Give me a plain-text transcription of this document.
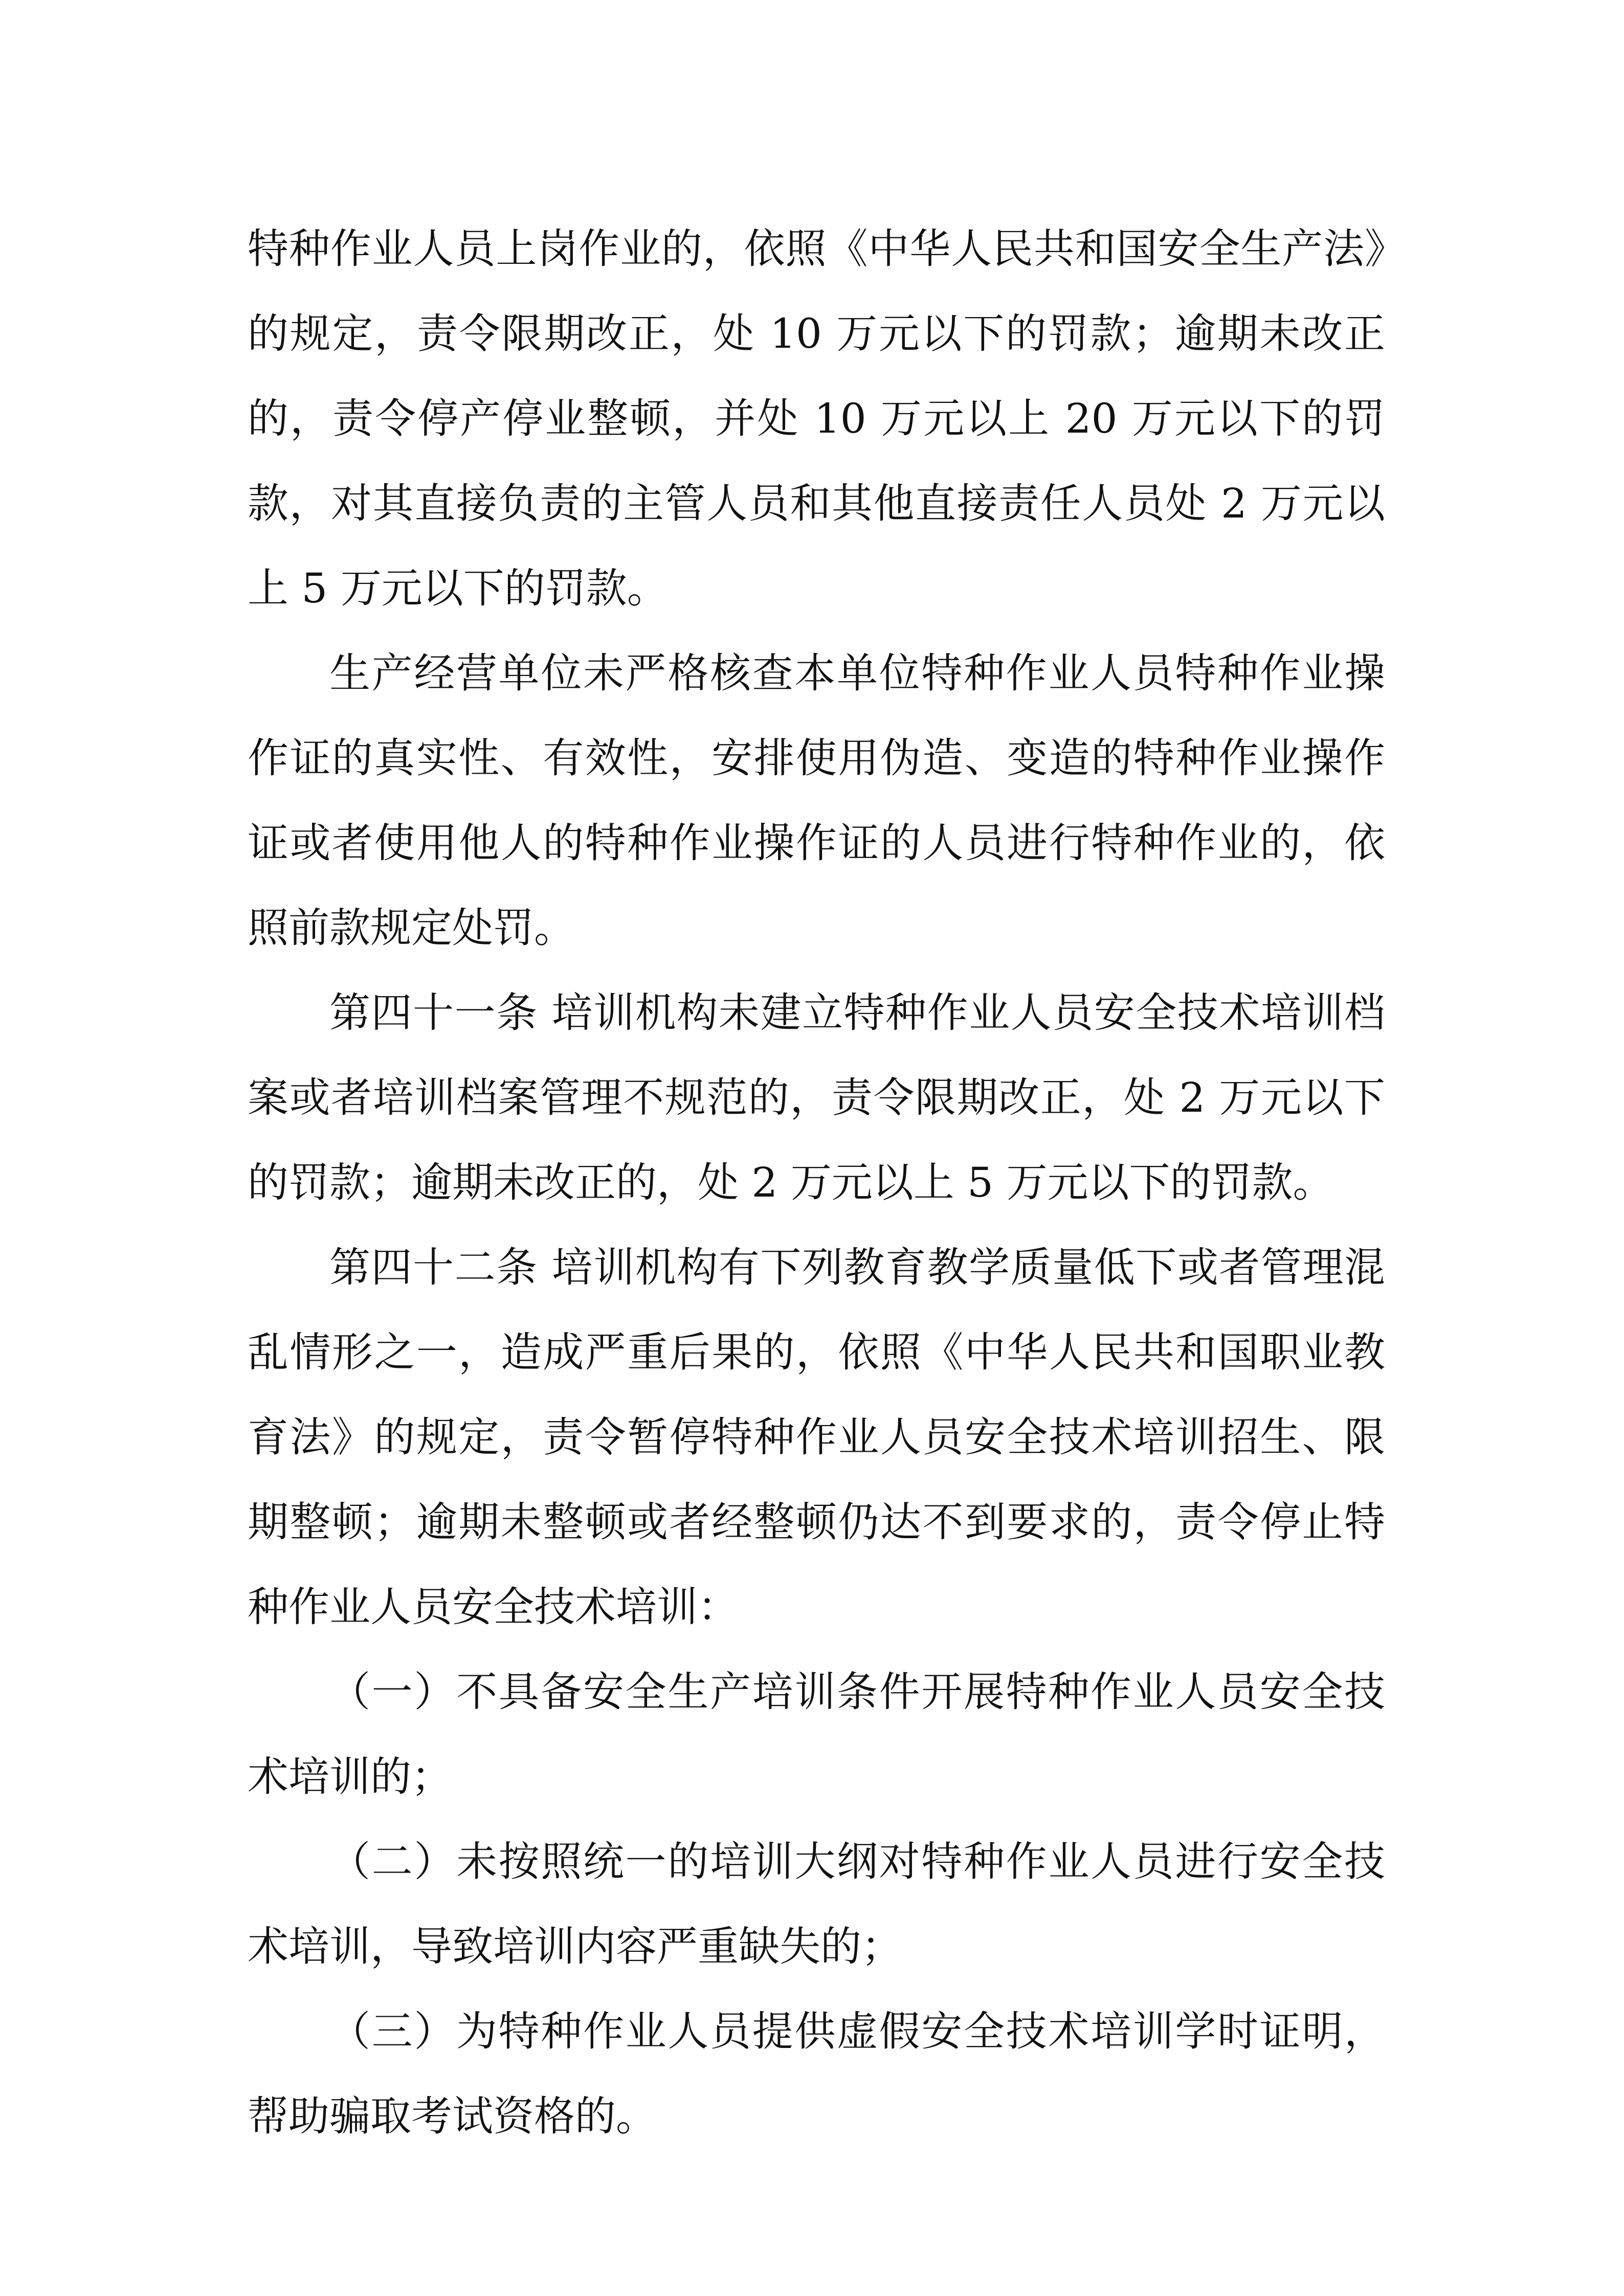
特种作业人员上岗作业的，依照《中华人民共和国安全生产法》的规定，责令限期改正，处 10 万元以下的罚款；逾期未改正的，责令停产停业整顿，并处 10 万元以上 20 万元以下的罚款，对其直接负责的主管人员和其他直接责任人员处 2 万元以上 5 万元以下的罚款。

生产经营单位未严格核查本单位特种作业人员特种作业操作证的真实性、有效性，安排使用伪造、变造的特种作业操作证或者使用他人的特种作业操作证的人员进行特种作业的，依照前款规定处罚。

第四十一条 培训机构未建立特种作业人员安全技术培训档案或者培训档案管理不规范的，责令限期改正，处 2 万元以下的罚款；逾期未改正的，处 2 万元以上 5 万元以下的罚款。

第四十二条 培训机构有下列教育教学质量低下或者管理混乱情形之一，造成严重后果的，依照《中华人民共和国职业教育法》的规定，责令暂停特种作业人员安全技术培训招生、限期整顿；逾期未整顿或者经整顿仍达不到要求的，责令停止特种作业人员安全技术培训：

（一）不具备安全生产培训条件开展特种作业人员安全技术培训的；

（二）未按照统一的培训大纲对特种作业人员进行安全技术培训，导致培训内容严重缺失的；

（三）为特种作业人员提供虚假安全技术培训学时证明，帮助骗取考试资格的。
